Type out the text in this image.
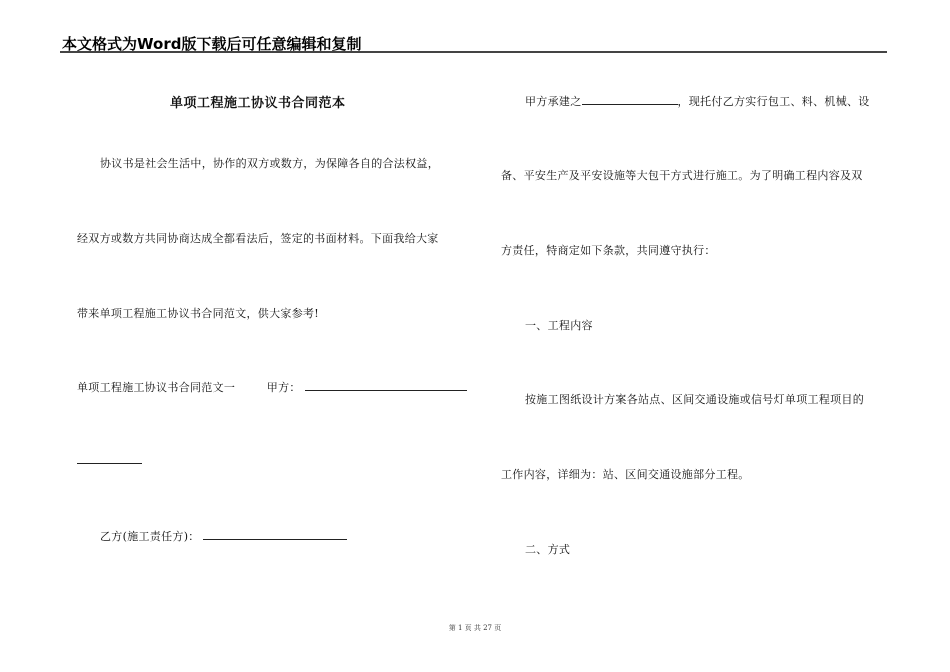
本文格式为Word版下载后可任意编辑和复制
单项工程施工协议书合同范本
协议书是社会生活中，协作的双方或数方，为保障各自的合法权益，
经双方或数方共同协商达成全都看法后，签定的书面材料。下面我给大家
带来单项工程施工协议书合同范文，供大家参考!
单项工程施工协议书合同范文一	甲方：
乙方(施工责任方)：
甲方承建之	，现托付乙方实行包工、料、机械、设
备、平安生产及平安设施等大包干方式进行施工。为了明确工程内容及双
方责任，特商定如下条款，共同遵守执行：
一、工程内容
按施工图纸设计方案各站点、区间交通设施或信号灯单项工程项目的
工作内容，详细为：站、区间交通设施部分工程。
二、方式
第 1 页 共 27 页
